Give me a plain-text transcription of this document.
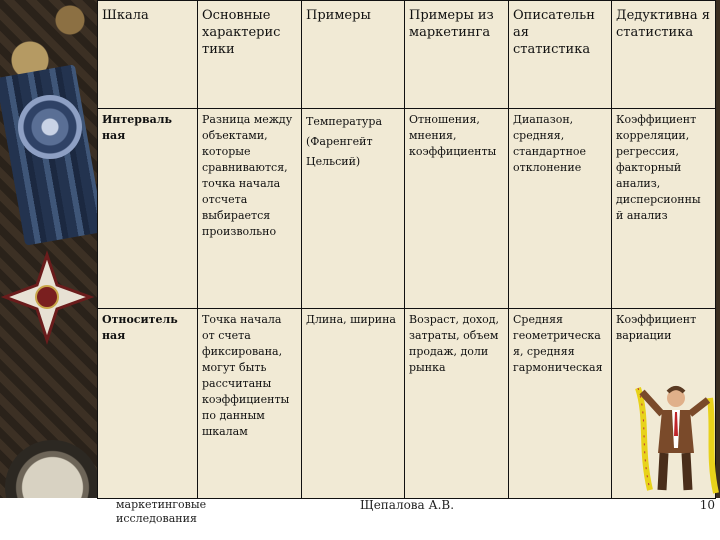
Шкала	Основные характерис тики	Примеры	Примеры из маркетинга	Описательн ая статистика	Дедуктивна я статистика
Интерваль ная	Разница между объектами, которые сравниваются, точка начала отсчета выбирается произвольно	Температура (Фаренгейт Цельсий)	Отношения, мнения, коэффициенты	Диапазон, средняя, стандартное отклонение	Коэффициент корреляции, регрессия, факторный анализ, дисперсионны й анализ
Относитель ная	Точка начала от счета фиксирована, могут быть рассчитаны коэффициенты по данным шкалам	Длина, ширина	Возраст, доход, затраты, объем продаж, доли рынка	Средняя геометрическа я, средняя гармоническая	Коэффициент вариации
маркетинговые исследования
Щепалова А.В.	10
